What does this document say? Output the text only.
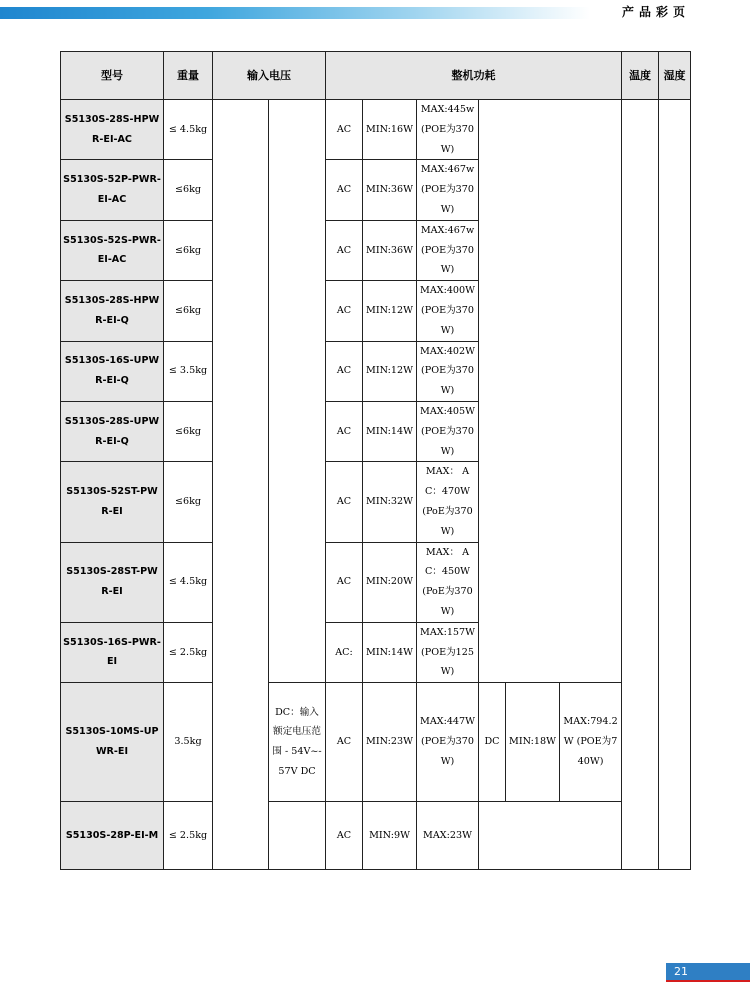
产品彩页
型号	重量	输入电压		整机功耗						温度	湿度
S5130S-28S-HPWR-EI-AC	≤ 4.5kg			AC	MIN:16W	MAX:445w (POE为370W)					
S5130S-52P-PWR-EI-AC	≤6kg			AC	MIN:36W	MAX:467w (POE为370W)					
S5130S-52S-PWR-EI-AC	≤6kg			AC	MIN:36W	MAX:467w (POE为370W)					
S5130S-28S-HPWR-EI-Q	≤6kg			AC	MIN:12W	MAX:400W (POE为370W)					
S5130S-16S-UPWR-EI-Q	≤ 3.5kg			AC	MIN:12W	MAX:402W (POE为370W)					
S5130S-28S-UPWR-EI-Q	≤6kg			AC	MIN:14W	MAX:405W (POE为370W)					
S5130S-52ST-PWR-EI	≤6kg			AC	MIN:32W	MAX： AC：470W (PoE为370W)					
S5130S-28ST-PWR-EI	≤ 4.5kg			AC	MIN:20W	MAX： AC：450W (PoE为370W)					
S5130S-16S-PWR-EI	≤ 2.5kg			AC:	MIN:14W	MAX:157W (POE为125W)					
S5130S-10MS-UPWR-EI	3.5kg		DC：输入额定电压范围 - 54V~-57V DC	AC	MIN:23W	MAX:447W (POE为370W)	DC	MIN:18W	MAX:794.2W (POE为740W)		
S5130S-28P-EI-M	≤ 2.5kg			AC	MIN:9W	MAX:23W					
21
